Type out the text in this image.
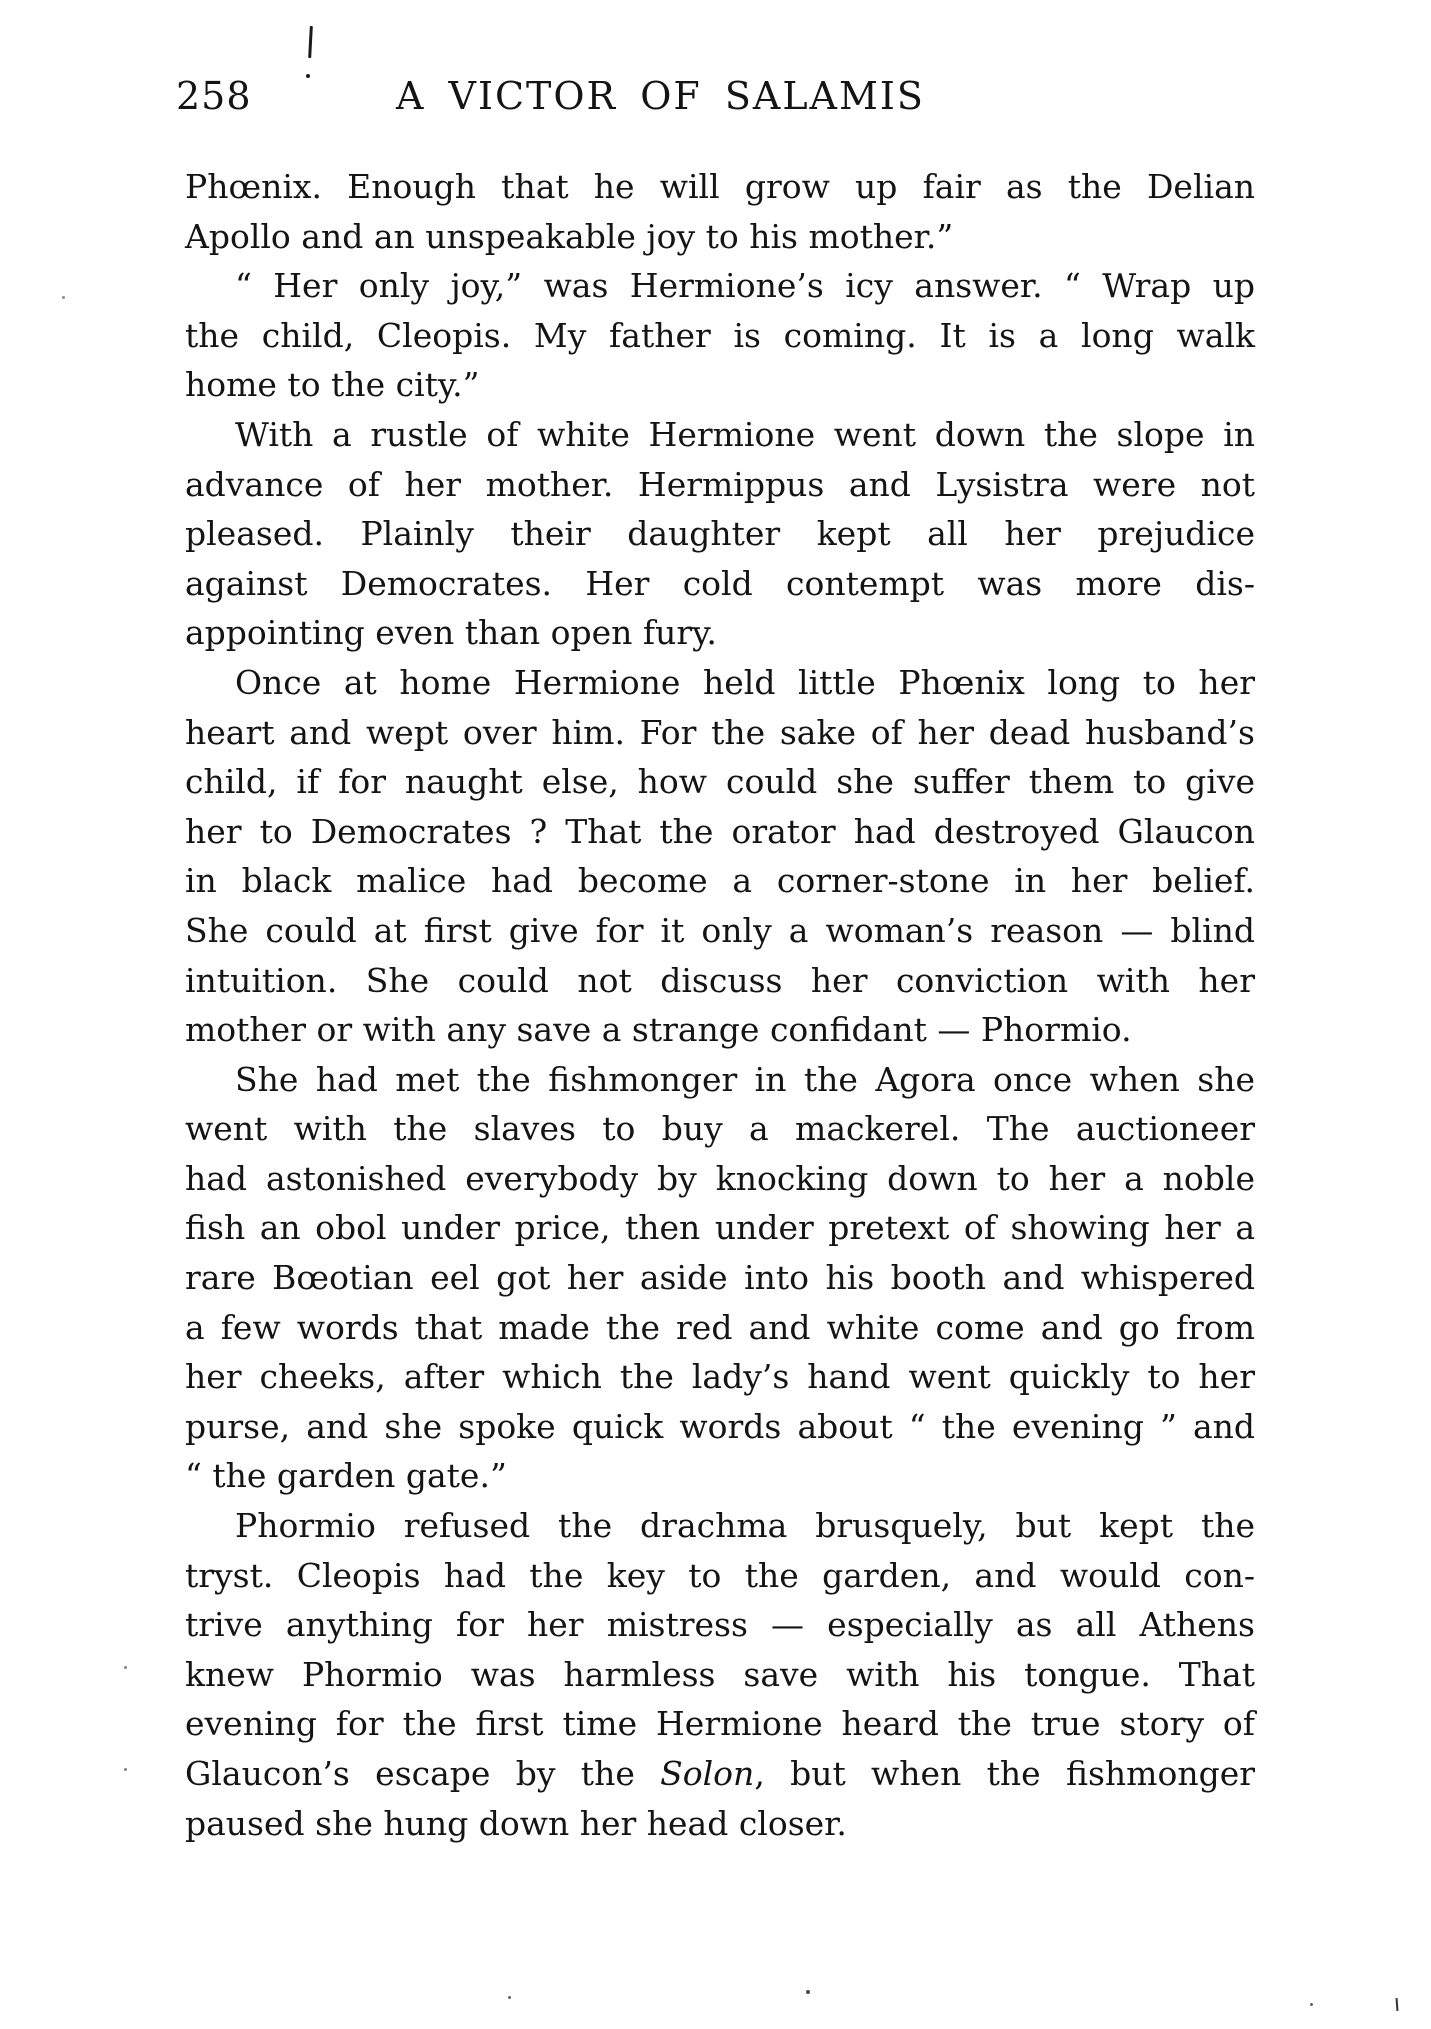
258	A VICTOR OF SALAMIS
Phœnix. Enough that he will grow up fair as the Delian
Apollo and an unspeakable joy to his mother.”
“ Her only joy,” was Hermione’s icy answer. “ Wrap up
the child, Cleopis. My father is coming. It is a long walk
home to the city.”
With a rustle of white Hermione went down the slope in
advance of her mother. Hermippus and Lysistra were not
pleased. Plainly their daughter kept all her prejudice
against Democrates. Her cold contempt was more dis-
appointing even than open fury.
Once at home Hermione held little Phœnix long to her
heart and wept over him. For the sake of her dead husband’s
child, if for naught else, how could she suffer them to give
her to Democrates ? That the orator had destroyed Glaucon
in black malice had become a corner-stone in her belief.
She could at first give for it only a woman’s reason — blind
intuition. She could not discuss her conviction with her
mother or with any save a strange confidant — Phormio.
She had met the fishmonger in the Agora once when she
went with the slaves to buy a mackerel. The auctioneer
had astonished everybody by knocking down to her a noble
fish an obol under price, then under pretext of showing her a
rare Bœotian eel got her aside into his booth and whispered
a few words that made the red and white come and go from
her cheeks, after which the lady’s hand went quickly to her
purse, and she spoke quick words about “ the evening ” and
“ the garden gate.”
Phormio refused the drachma brusquely, but kept the
tryst. Cleopis had the key to the garden, and would con-
trive anything for her mistress — especially as all Athens
knew Phormio was harmless save with his tongue. That
evening for the first time Hermione heard the true story of
Glaucon’s escape by the Solon, but when the fishmonger
paused she hung down her head closer.
